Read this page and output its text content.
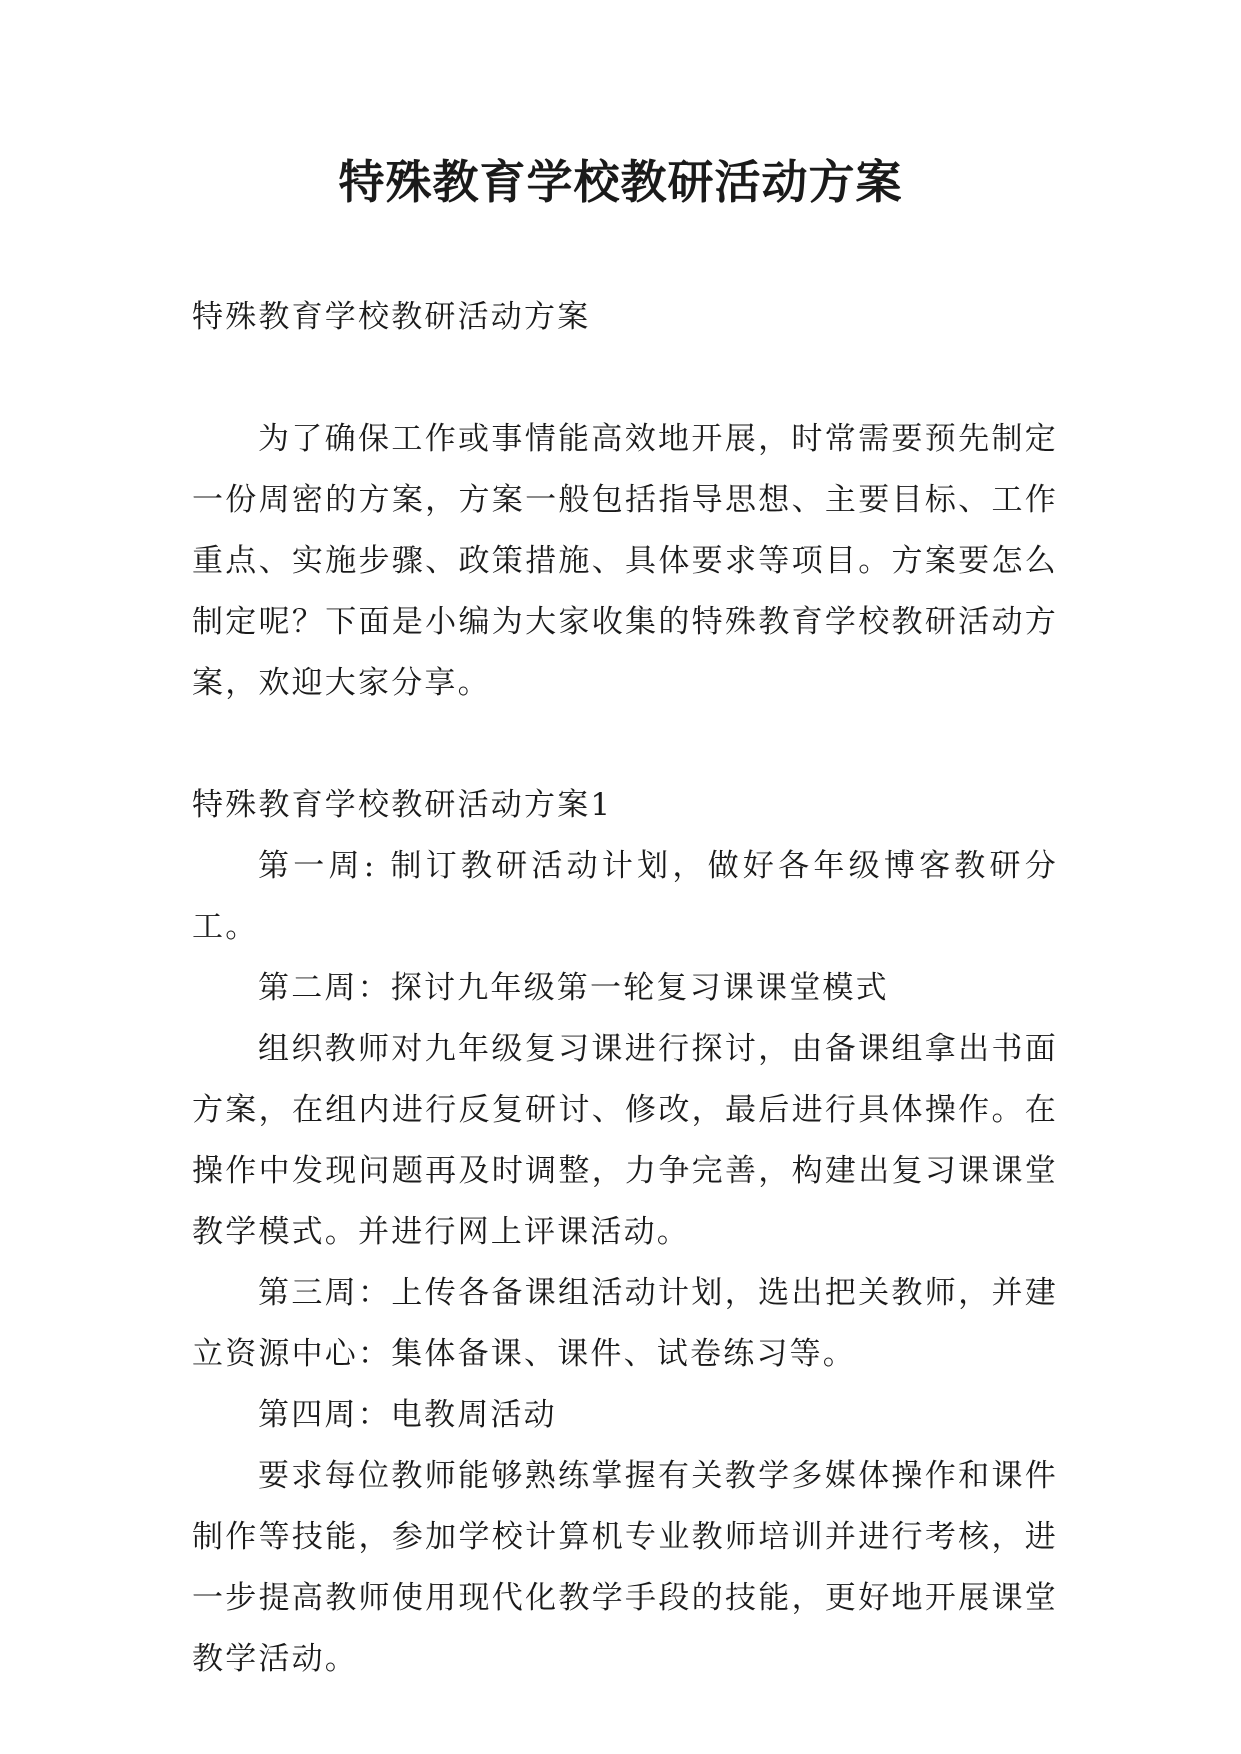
特殊教育学校教研活动方案

特殊教育学校教研活动方案

为了确保工作或事情能高效地开展，时常需要预先制定一份周密的方案，方案一般包括指导思想、主要目标、工作重点、实施步骤、政策措施、具体要求等项目。方案要怎么制定呢？下面是小编为大家收集的特殊教育学校教研活动方案，欢迎大家分享。

特殊教育学校教研活动方案1

第一周: 制订教研活动计划，做好各年级博客教研分工。

第二周：探讨九年级第一轮复习课课堂模式

组织教师对九年级复习课进行探讨，由备课组拿出书面方案，在组内进行反复研讨、修改，最后进行具体操作。在操作中发现问题再及时调整，力争完善，构建出复习课课堂教学模式。并进行网上评课活动。

第三周：上传各备课组活动计划，选出把关教师，并建立资源中心：集体备课、课件、试卷练习等。

第四周：电教周活动

要求每位教师能够熟练掌握有关教学多媒体操作和课件制作等技能，参加学校计算机专业教师培训并进行考核，进一步提高教师使用现代化教学手段的技能，更好地开展课堂教学活动。
